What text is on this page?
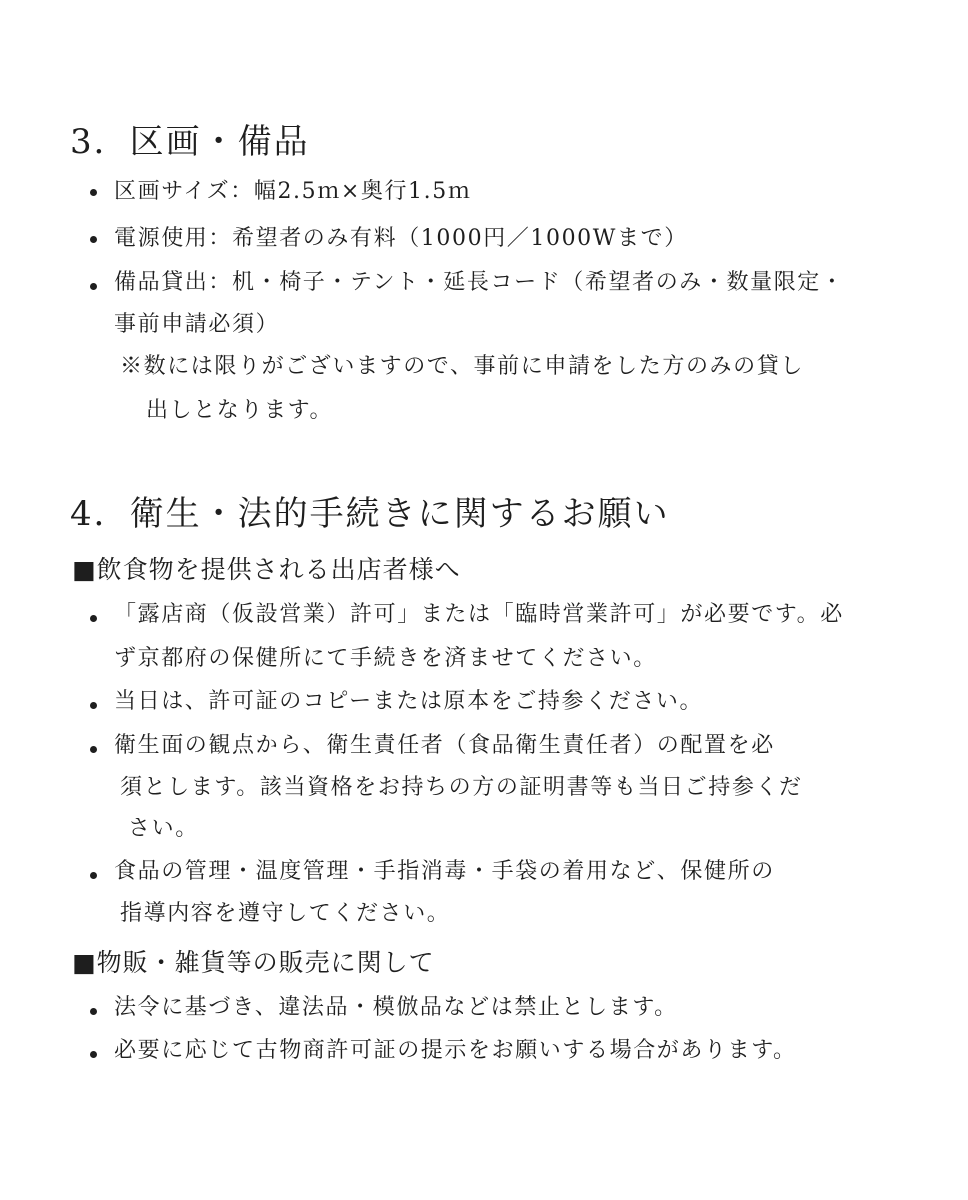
3．区画・備品
区画サイズ：幅2.5ｍ×奥行1.5ｍ
電源使用：希望者のみ有料（1000円／1000Wまで）
備品貸出：机・椅子・テント・延長コード（希望者のみ・数量限定・
事前申請必須）
※数には限りがございますので、事前に申請をした方のみの貸し
出しとなります。
4．衛生・法的手続きに関するお願い
■飲食物を提供される出店者様へ
「露店商（仮設営業）許可」または「臨時営業許可」が必要です。必
ず京都府の保健所にて手続きを済ませてください。
当日は、許可証のコピーまたは原本をご持参ください。
衛生面の観点から、衛生責任者（食品衛生責任者）の配置を必
須とします。該当資格をお持ちの方の証明書等も当日ご持参くだ
さい。
食品の管理・温度管理・手指消毒・手袋の着用など、保健所の
指導内容を遵守してください。
■物販・雑貨等の販売に関して
法令に基づき、違法品・模倣品などは禁止とします。
必要に応じて古物商許可証の提示をお願いする場合があります。
